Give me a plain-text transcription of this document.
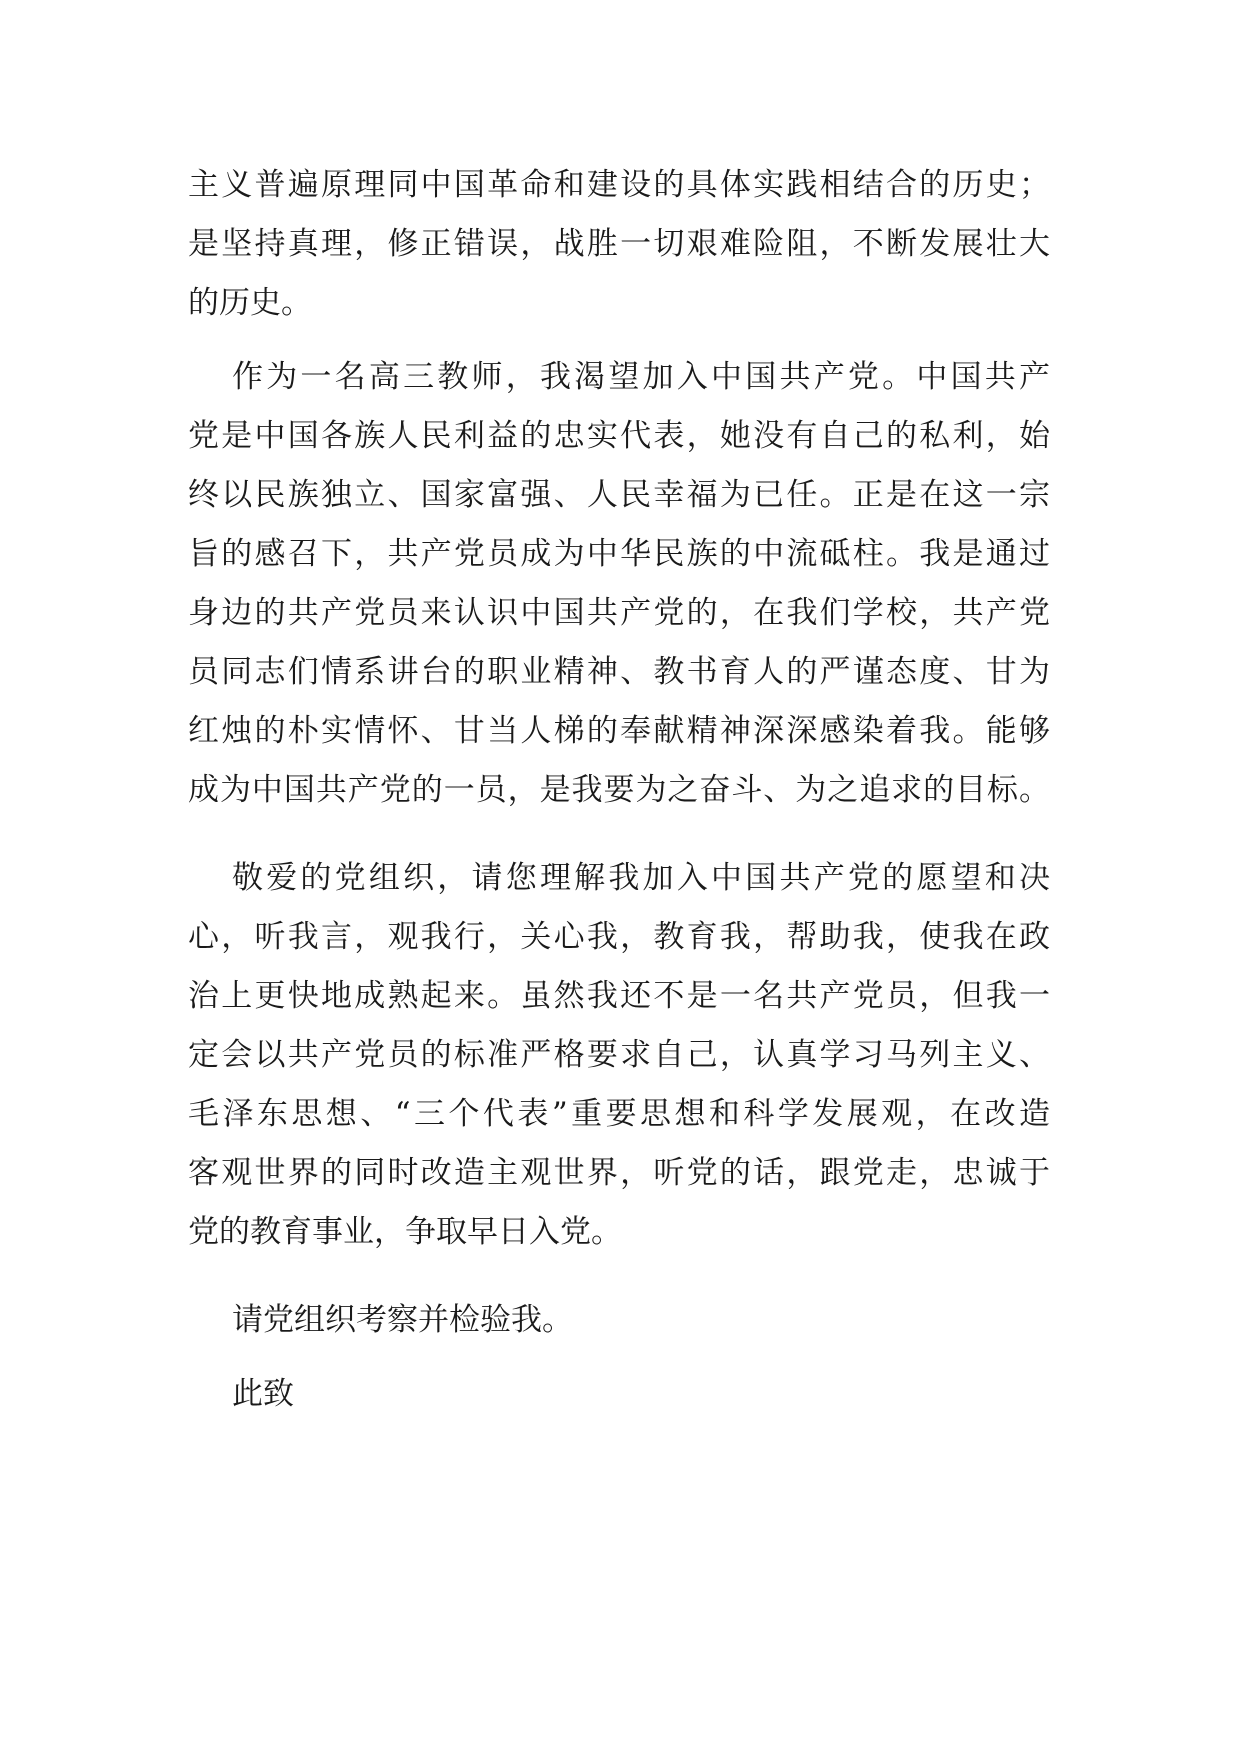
主义普遍原理同中国革命和建设的具体实践相结合的历史；
是坚持真理，修正错误，战胜一切艰难险阻，不断发展壮大
的历史。
作为一名高三教师，我渴望加入中国共产党。中国共产
党是中国各族人民利益的忠实代表，她没有自己的私利，始
终以民族独立、国家富强、人民幸福为已任。正是在这一宗
旨的感召下，共产党员成为中华民族的中流砥柱。我是通过
身边的共产党员来认识中国共产党的，在我们学校，共产党
员同志们情系讲台的职业精神、教书育人的严谨态度、甘为
红烛的朴实情怀、甘当人梯的奉献精神深深感染着我。能够
成为中国共产党的一员，是我要为之奋斗、为之追求的目标。
敬爱的党组织，请您理解我加入中国共产党的愿望和决
心，听我言，观我行，关心我，教育我，帮助我，使我在政
治上更快地成熟起来。虽然我还不是一名共产党员，但我一
定会以共产党员的标准严格要求自己，认真学习马列主义、
毛泽东思想、“三个代表”重要思想和科学发展观，在改造
客观世界的同时改造主观世界，听党的话，跟党走，忠诚于
党的教育事业，争取早日入党。
请党组织考察并检验我。
此致
